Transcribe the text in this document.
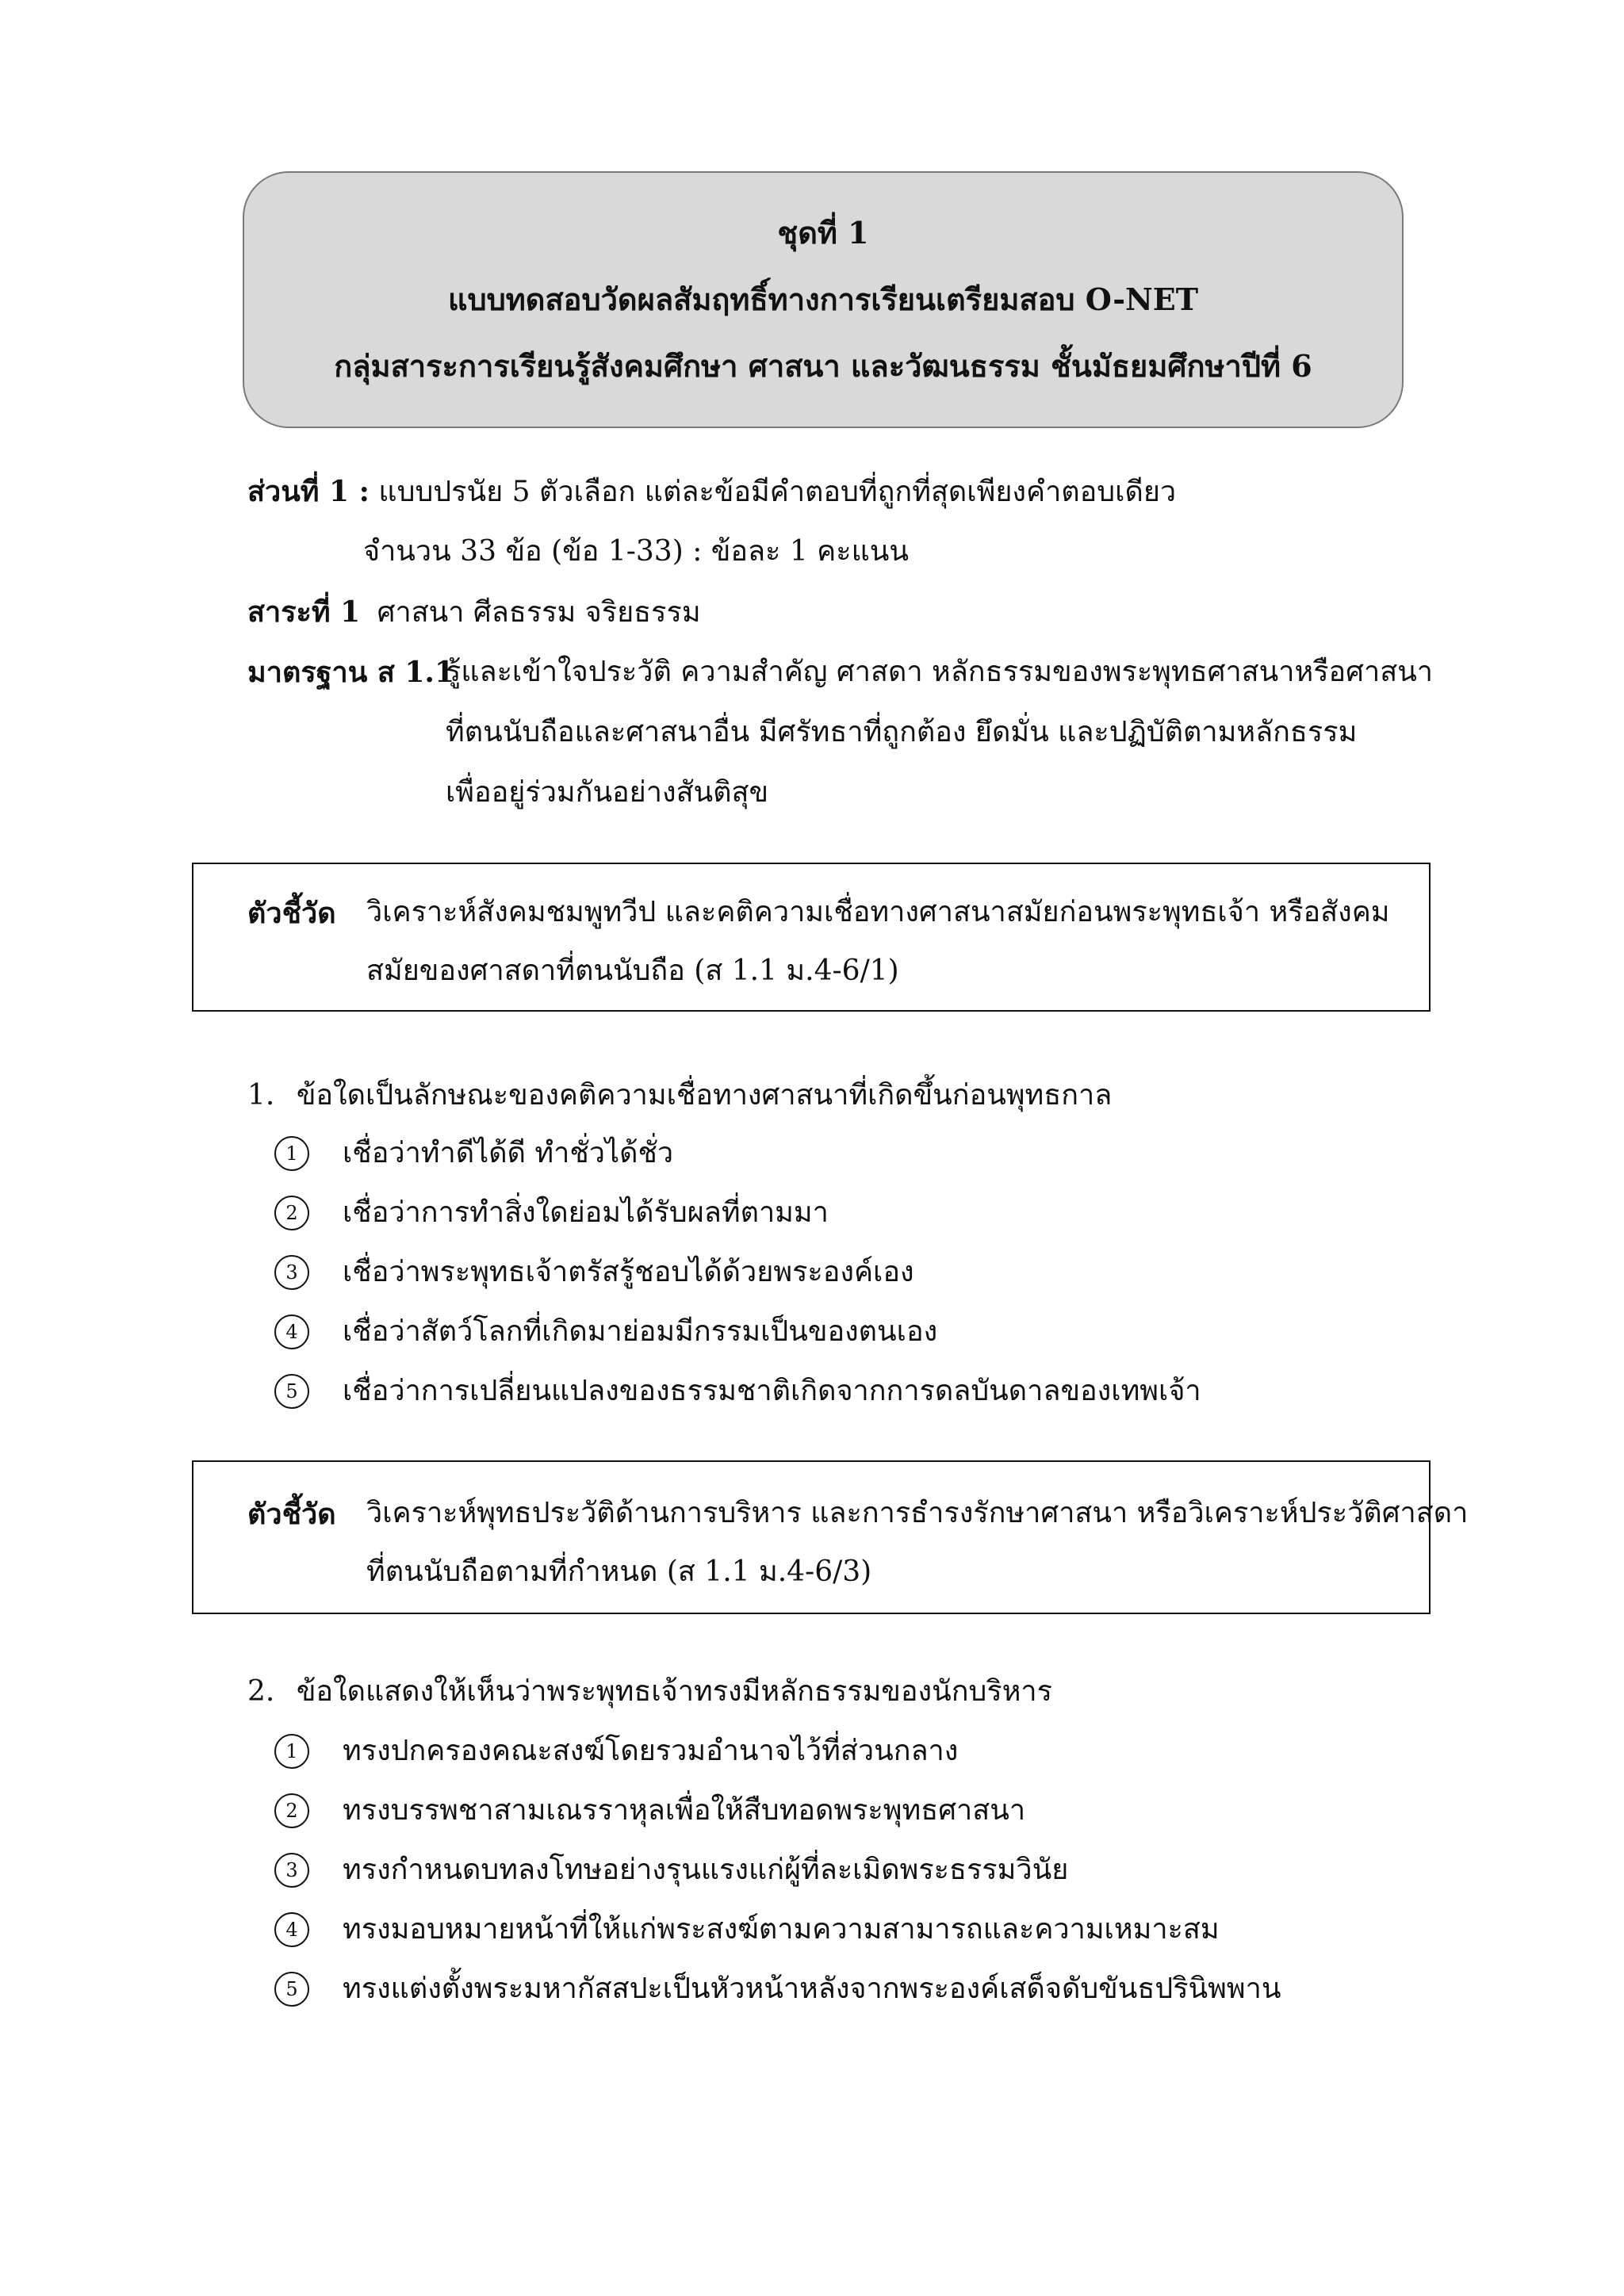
ชุดที่ 1
แบบทดสอบวัดผลสัมฤทธิ์ทางการเรียนเตรียมสอบ O-NET
กลุ่มสาระการเรียนรู้สังคมศึกษา ศาสนา และวัฒนธรรม ชั้นมัธยมศึกษาปีที่ 6
ส่วนที่ 1 : แบบปรนัย 5 ตัวเลือก แต่ละข้อมีคำตอบที่ถูกที่สุดเพียงคำตอบเดียว
จำนวน 33 ข้อ (ข้อ 1-33) : ข้อละ 1 คะแนน
สาระที่ 1 ศาสนา ศีลธรรม จริยธรรม
มาตรฐาน ส 1.1
รู้และเข้าใจประวัติ ความสำคัญ ศาสดา หลักธรรมของพระพุทธศาสนาหรือศาสนา
ที่ตนนับถือและศาสนาอื่น มีศรัทธาที่ถูกต้อง ยึดมั่น และปฏิบัติตามหลักธรรม
เพื่ออยู่ร่วมกันอย่างสันติสุข
ตัวชี้วัด วิเคราะห์สังคมชมพูทวีป และคติความเชื่อทางศาสนาสมัยก่อนพระพุทธเจ้า หรือสังคม
สมัยของศาสดาที่ตนนับถือ (ส 1.1 ม.4-6/1)
1. ข้อใดเป็นลักษณะของคติความเชื่อทางศาสนาที่เกิดขึ้นก่อนพุทธกาล
1	เชื่อว่าทำดีได้ดี ทำชั่วได้ชั่ว
2	เชื่อว่าการทำสิ่งใดย่อมได้รับผลที่ตามมา
3	เชื่อว่าพระพุทธเจ้าตรัสรู้ชอบได้ด้วยพระองค์เอง
4	เชื่อว่าสัตว์โลกที่เกิดมาย่อมมีกรรมเป็นของตนเอง
5	เชื่อว่าการเปลี่ยนแปลงของธรรมชาติเกิดจากการดลบันดาลของเทพเจ้า
ตัวชี้วัด วิเคราะห์พุทธประวัติด้านการบริหาร และการธำรงรักษาศาสนา หรือวิเคราะห์ประวัติศาสดา
ที่ตนนับถือตามที่กำหนด (ส 1.1 ม.4-6/3)
2. ข้อใดแสดงให้เห็นว่าพระพุทธเจ้าทรงมีหลักธรรมของนักบริหาร
1	ทรงปกครองคณะสงฆ์โดยรวมอำนาจไว้ที่ส่วนกลาง
2	ทรงบรรพชาสามเณรราหุลเพื่อให้สืบทอดพระพุทธศาสนา
3	ทรงกำหนดบทลงโทษอย่างรุนแรงแก่ผู้ที่ละเมิดพระธรรมวินัย
4	ทรงมอบหมายหน้าที่ให้แก่พระสงฆ์ตามความสามารถและความเหมาะสม
5	ทรงแต่งตั้งพระมหากัสสปะเป็นหัวหน้าหลังจากพระองค์เสด็จดับขันธปรินิพพาน
